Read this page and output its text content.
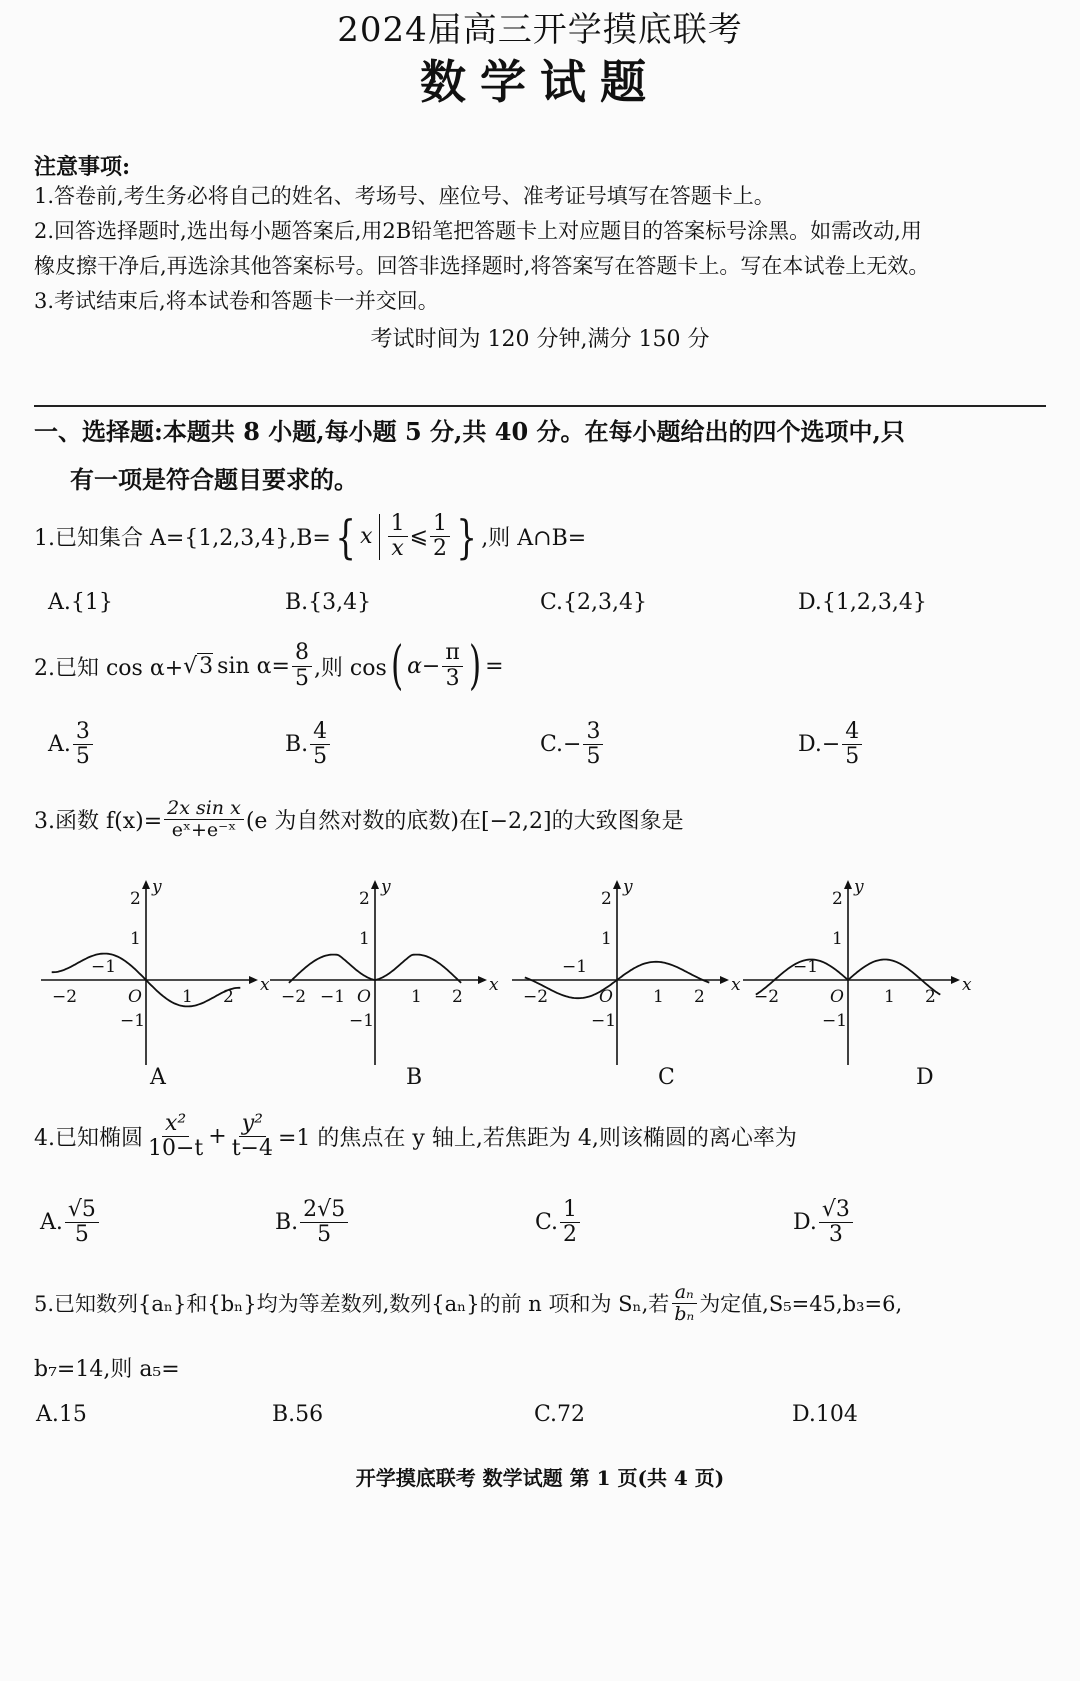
2024届高三开学摸底联考
数学试题
注意事项:
1.答卷前,考生务必将自己的姓名、考场号、座位号、准考证号填写在答题卡上。
2.回答选择题时,选出每小题答案后,用2B铅笔把答题卡上对应题目的答案标号涂黑。如需改动,用
橡皮擦干净后,再选涂其他答案标号。回答非选择题时,将答案写在答题卡上。写在本试卷上无效。
3.考试结束后,将本试卷和答题卡一并交回。
考试时间为 120 分钟,满分 150 分
一、选择题:本题共 8 小题,每小题 5 分,共 40 分。在每小题给出的四个选项中,只
有一项是符合题目要求的。
1.已知集合 A={1,2,3,4},B= { x $\frac{1}{x}$ ⩽ $\frac{1}{2}$ } ,则 A∩B=
A.{1}	B.{3,4}	C.{2,3,4}	D.{1,2,3,4}
2.已知 cos α+ √ 3 $\sin \alpha= \frac{8}{5}$ ,则 cos ( $\alpha- \frac{\pi}{3}$ ) =
A. $\frac{3}{5}$	B. $\frac{4}{5}$	C. − $\frac{3}{5}$	D. − $\frac{4}{5}$
3.函数 $f(x)= \frac{\text{2x sin x}}{\text{eˣ+e⁻ˣ}} (e$ 为自然对数的底数)在[−2,2]的大致图象是
x
y
O
2
1
−1
1 2
−2
−1
x
y
O
2
1
−1
1 2
−2 −1
x
y
O
2
1
−1
1 2
−2
−1
x
y
O
2
1
−1
1 2
−2
−1
A	B	C	D
4.已知椭圆 $\frac{\text{x²}}{10-t} + \frac{\text{y²}}{t-4} =1$ 的焦点在 y 轴上,若焦距为 4,则该椭圆的离心率为
A. $\frac{√5}{5}$	B. $\frac{2√5}{5}$	C. $\frac{1}{2}$	D. $\frac{√3}{3}$
5.已知数列{aₙ}和{bₙ}均为等差数列,数列{aₙ}的前 n 项和为 Sₙ,若 $\frac{\text{aₙ}}{\text{bₙ}}$ 为定值,S₅=45,b₃=6,
b₇=14,则 a₅=
A.15	B.56	C.72	D.104
开学摸底联考 数学试题 第 1 页(共 4 页)
